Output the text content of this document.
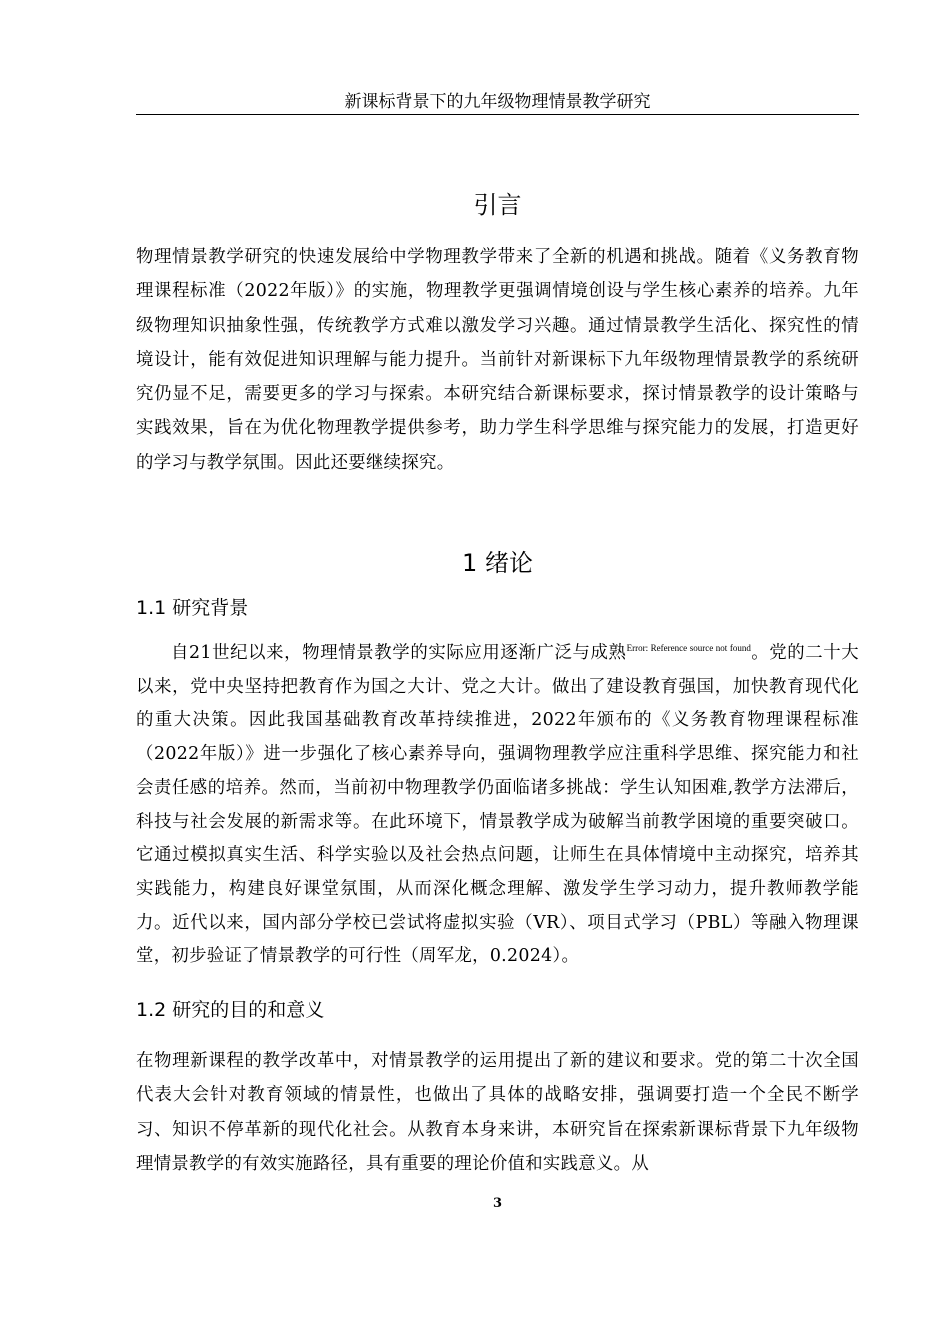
新课标背景下的九年级物理情景教学研究
引言

物理情景教学研究的快速发展给中学物理教学带来了全新的机遇和挑战。随着《义务教育物理课程标准（2022年版）》的实施，物理教学更强调情境创设与学生核心素养的培养。九年级物理知识抽象性强，传统教学方式难以激发学习兴趣。通过情景教学生活化、探究性的情境设计，能有效促进知识理解与能力提升。当前针对新课标下九年级物理情景教学的系统研究仍显不足，需要更多的学习与探索。本研究结合新课标要求，探讨情景教学的设计策略与实践效果，旨在为优化物理教学提供参考，助力学生科学思维与探究能力的发展，打造更好的学习与教学氛围。因此还要继续探究。

1 绪论
1.1 研究背景

自21世纪以来，物理情景教学的实际应用逐渐广泛与成熟$^{Error: Reference source not found}$。党的二十大以来，党中央坚持把教育作为国之大计、党之大计。做出了建设教育强国，加快教育现代化的重大决策。因此我国基础教育改革持续推进，2022年颁布的《义务教育物理课程标准（2022年版）》进一步强化了核心素养导向，强调物理教学应注重科学思维、探究能力和社会责任感的培养。然而，当前初中物理教学仍面临诸多挑战：学生认知困难,教学方法滞后，科技与社会发展的新需求等。在此环境下，情景教学成为破解当前教学困境的重要突破口。它通过模拟真实生活、科学实验以及社会热点问题，让师生在具体情境中主动探究，培养其实践能力，构建良好课堂氛围，从而深化概念理解、激发学生学习动力，提升教师教学能力。近代以来，国内部分学校已尝试将虚拟实验（VR）、项目式学习（PBL）等融入物理课堂，初步验证了情景教学的可行性（周军龙，0.2024）。

1.2 研究的目的和意义

在物理新课程的教学改革中，对情景教学的运用提出了新的建议和要求。党的第二十次全国代表大会针对教育领域的情景性，也做出了具体的战略安排，强调要打造一个全民不断学习、知识不停革新的现代化社会。从教育本身来讲，本研究旨在探索新课标背景下九年级物理情景教学的有效实施路径，具有重要的理论价值和实践意义。从

3
